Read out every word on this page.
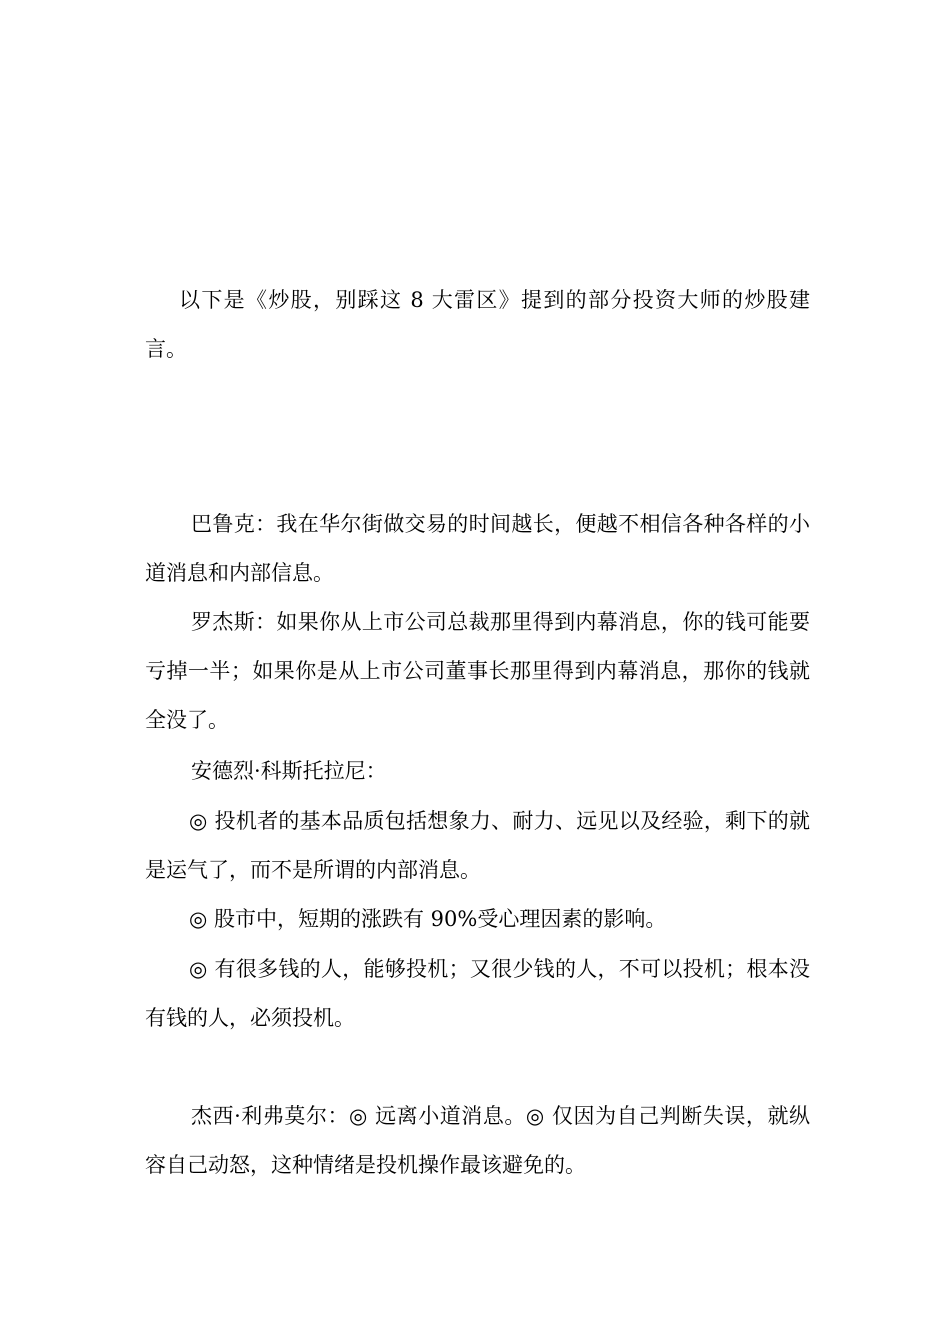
以下是《炒股，别踩这 8 大雷区》提到的部分投资大师的炒股建言。

巴鲁克：我在华尔街做交易的时间越长，便越不相信各种各样的小道消息和内部信息。

罗杰斯：如果你从上市公司总裁那里得到内幕消息，你的钱可能要亏掉一半；如果你是从上市公司董事长那里得到内幕消息，那你的钱就全没了。

安德烈·科斯托拉尼：

◎ 投机者的基本品质包括想象力、耐力、远见以及经验，剩下的就是运气了，而不是所谓的内部消息。

◎ 股市中，短期的涨跌有 90%受心理因素的影响。

◎ 有很多钱的人，能够投机；又很少钱的人，不可以投机；根本没有钱的人，必须投机。

杰西·利弗莫尔：◎ 远离小道消息。◎ 仅因为自己判断失误，就纵容自己动怒，这种情绪是投机操作最该避免的。
